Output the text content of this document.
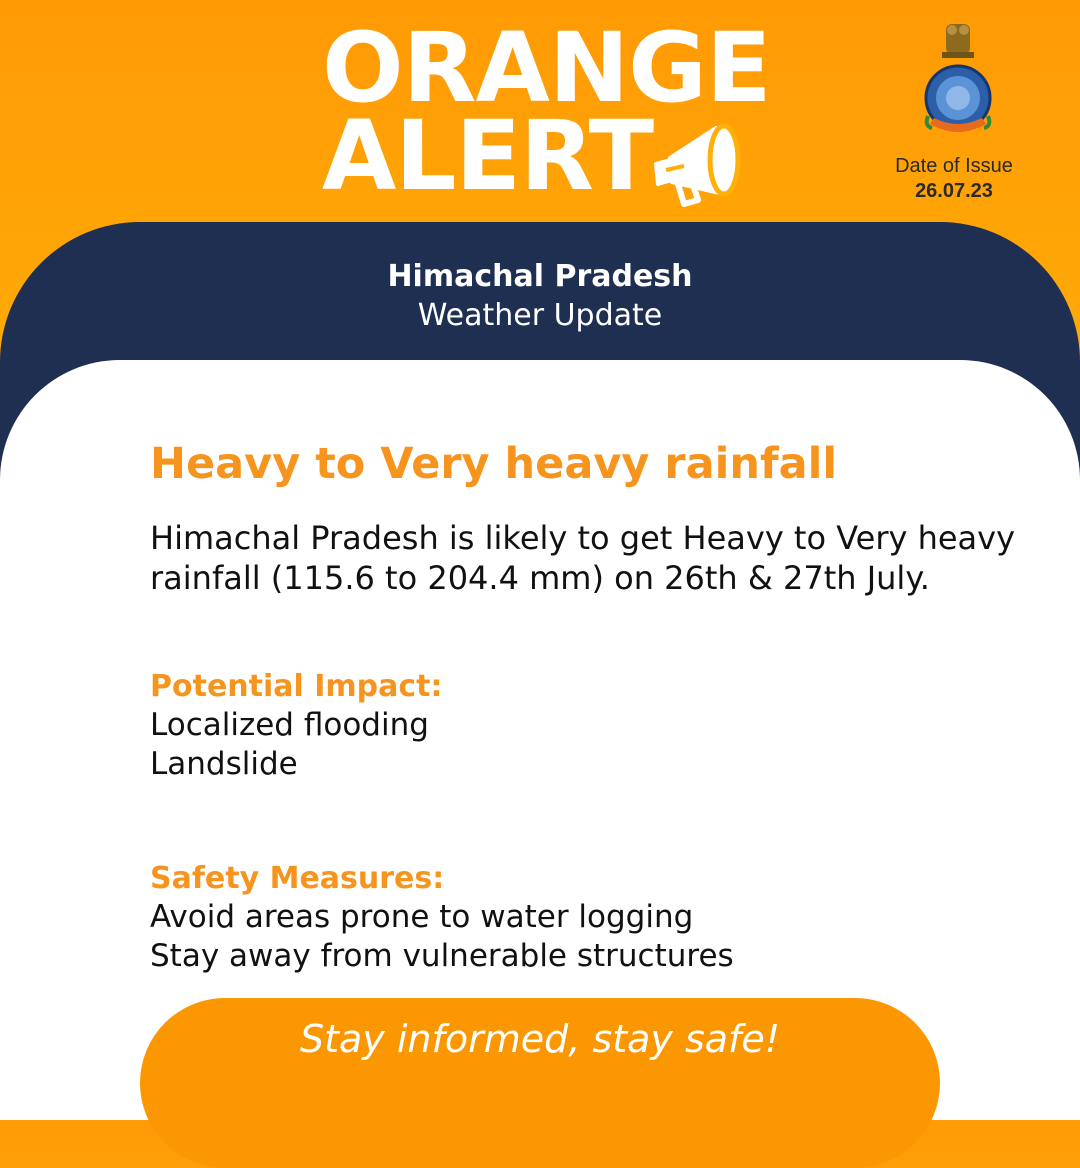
ORANGE
ALERT	Date of Issue
26.07.23
Himachal Pradesh
Weather Update
Heavy to Very heavy rainfall
Himachal Pradesh is likely to get Heavy to Very heavy rainfall (115.6 to 204.4 mm) on 26th & 27th July.
Potential Impact:
Localized flooding
Landslide
Safety Measures:
Avoid areas prone to water logging
Stay away from vulnerable structures
Stay informed, stay safe!
